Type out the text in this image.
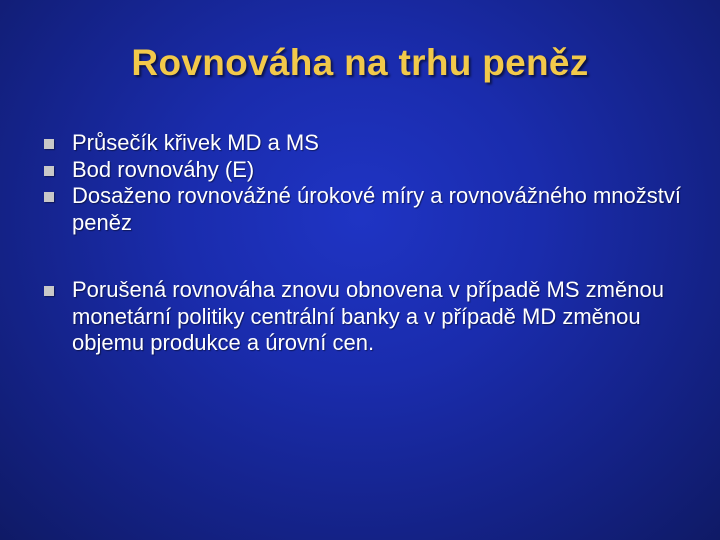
Rovnováha na trhu peněz
Průsečík křivek MD a MS
Bod rovnováhy (E)
Dosaženo rovnovážné úrokové míry a rovnovážného množství peněz
Porušená rovnováha znovu obnovena v případě MS změnou monetární politiky centrální banky a v případě MD změnou objemu produkce a úrovní cen.
